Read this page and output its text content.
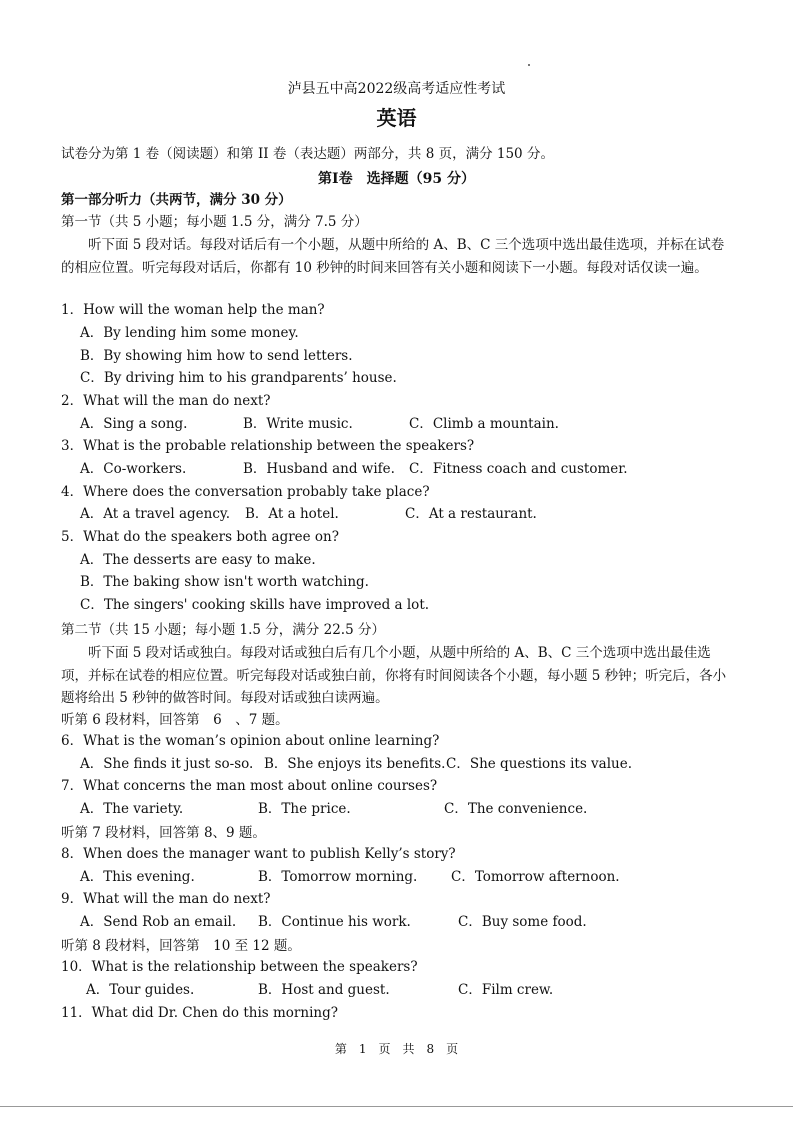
泸县五中高2022级高考适应性考试
英语
试卷分为第 1 卷（阅读题）和第 II 卷（表达题）两部分，共 8 页，满分 150 分。
第Ⅰ卷　选择题（95 分）
第一部分听力（共两节，满分 30 分）
第一节（共 5 小题；每小题 1.5 分，满分 7.5 分）
听下面 5 段对话。每段对话后有一个小题，从题中所给的 A、B、C 三个选项中选出最佳选项，并标在试卷的相应位置。听完每段对话后，你都有 10 秒钟的时间来回答有关小题和阅读下一小题。每段对话仅读一遍。
1．How will the woman help the man?
A．By lending him some money.
B．By showing him how to send letters.
C．By driving him to his grandparents’ house.
2．What will the man do next?
A．Sing a song.	B．Write music.	C．Climb a mountain.
3．What is the probable relationship between the speakers?
A．Co-workers.	B．Husband and wife. C．Fitness coach and customer.
4．Where does the conversation probably take place?
A．At a travel agency. B．At a hotel.	C．At a restaurant.
5．What do the speakers both agree on?
A．The desserts are easy to make.
B．The baking show isn't worth watching.
C．The singers' cooking skills have improved a lot.
第二节（共 15 小题；每小题 1.5 分，满分 22.5 分）
听下面 5 段对话或独白。每段对话或独白后有几个小题，从题中所给的 A、B、C 三个选项中选出最佳选项，并标在试卷的相应位置。听完每段对话或独白前，你将有时间阅读各个小题，每小题 5 秒钟；听完后，各小题将给出 5 秒钟的做答时间。每段对话或独白读两遍。
听第 6 段材料，回答第　6　、7 题。
6．What is the woman’s opinion about online learning?
A．She finds it just so-so. B．She enjoys its benefits. C．She questions its value.
7．What concerns the man most about online courses?
A．The variety.	B．The price.	C．The convenience.
听第 7 段材料，回答第 8、9 题。
8．When does the manager want to publish Kelly’s story?
A．This evening.	B．Tomorrow morning. C．Tomorrow afternoon.
9．What will the man do next?
A．Send Rob an email. B．Continue his work.	C．Buy some food.
听第 8 段材料，回答第　10 至 12 题。
10．What is the relationship between the speakers?
A．Tour guides.	B．Host and guest.	C．Film crew.
11．What did Dr. Chen do this morning?
第　1　页　共　8　页
